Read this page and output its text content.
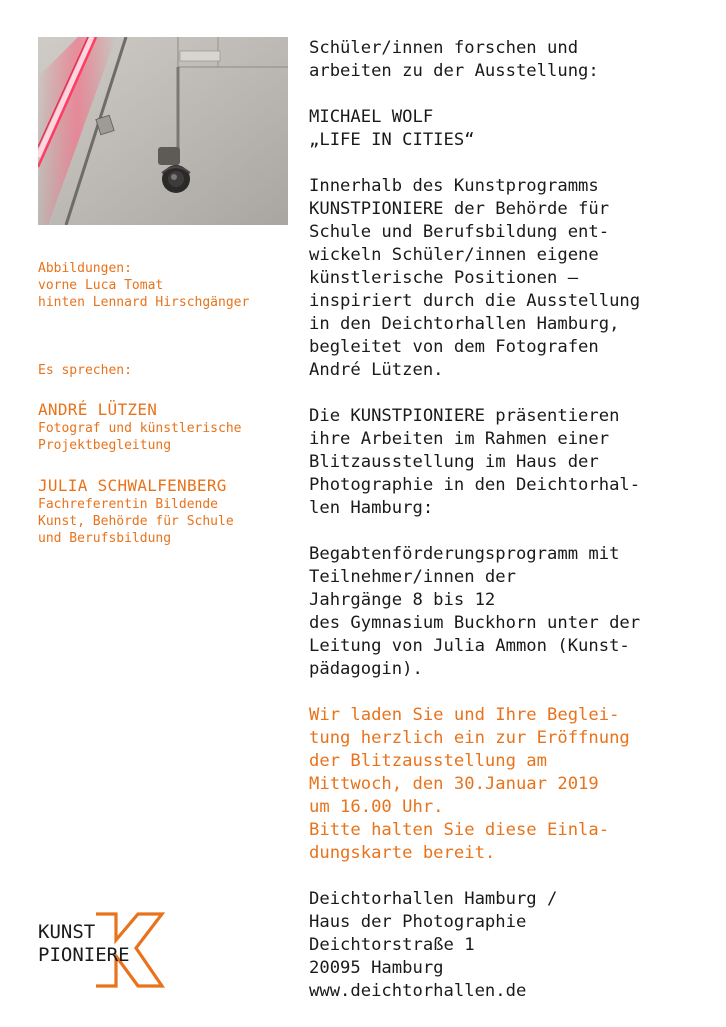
Abbildungen:
vorne Luca Tomat
hinten Lennard Hirschgänger
Es sprechen:
ANDRÉ LÜTZEN
Fotograf und künstlerische
Projektbegleitung
JULIA SCHWALFENBERG
Fachreferentin Bildende
Kunst, Behörde für Schule
und Berufsbildung

Schüler/innen forschen und
arbeiten zu der Ausstellung:

MICHAEL WOLF
„LIFE IN CITIES“

Innerhalb des Kunstprogramms
KUNSTPIONIERE der Behörde für
Schule und Berufsbildung ent-
wickeln Schüler/innen eigene
künstlerische Positionen –
inspiriert durch die Ausstellung
in den Deichtorhallen Hamburg,
begleitet von dem Fotografen
André Lützen.

Die KUNSTPIONIERE präsentieren
ihre Arbeiten im Rahmen einer
Blitzausstellung im Haus der
Photographie in den Deichtorhal-
len Hamburg:

Begabtenförderungsprogramm mit
Teilnehmer/innen der
Jahrgänge 8 bis 12
des Gymnasium Buckhorn unter der
Leitung von Julia Ammon (Kunst-
pädagogin).

Wir laden Sie und Ihre Beglei-
tung herzlich ein zur Eröffnung
der Blitzausstellung am
Mittwoch, den 30.Januar 2019
um 16.00 Uhr.
Bitte halten Sie diese Einla-
dungskarte bereit.

Deichtorhallen Hamburg /
Haus der Photographie
Deichtorstraße 1
20095 Hamburg
www.deichtorhallen.de

KUNST
PIONIERE
